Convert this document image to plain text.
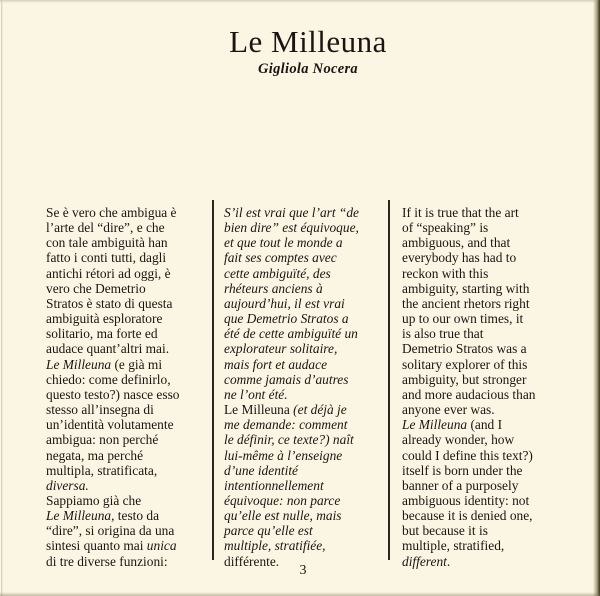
Le Milleuna
Gigliola Nocera
Se è vero che ambigua è
l’arte del “dire”, e che
con tale ambiguità han
fatto i conti tutti, dagli
antichi rétori ad oggi, è
vero che Demetrio
Stratos è stato di questa
ambiguità esploratore
solitario, ma forte ed
audace quant’altri mai.
Le Milleuna (e già mi
chiedo: come definirlo,
questo testo?) nasce esso
stesso all’insegna di
un’identità volutamente
ambigua: non perché
negata, ma perché
multipla, stratificata,
diversa.
Sappiamo già che
Le Milleuna, testo da
“dire”, si origina da una
sintesi quanto mai unica
di tre diverse funzioni:
S’il est vrai que l’art “de
bien dire” est équivoque,
et que tout le monde a
fait ses comptes avec
cette ambiguïté, des
rhéteurs anciens à
aujourd’hui, il est vrai
que Demetrio Stratos a
été de cette ambiguïté un
explorateur solitaire,
mais fort et audace
comme jamais d’autres
ne l’ont été.
Le Milleuna (et déjà je
me demande: comment
le définir, ce texte?) naît
lui-même à l’enseigne
d’une identité
intentionnellement
équivoque: non parce
qu’elle est nulle, mais
parce qu’elle est
multiple, stratifiée,
différente.
If it is true that the art
of “speaking” is
ambiguous, and that
everybody has had to
reckon with this
ambiguity, starting with
the ancient rhetors right
up to our own times, it
is also true that
Demetrio Stratos was a
solitary explorer of this
ambiguity, but stronger
and more audacious than
anyone ever was.
Le Milleuna (and I
already wonder, how
could I define this text?)
itself is born under the
banner of a purposely
ambiguous identity: not
because it is denied one,
but because it is
multiple, stratified,
different.
3
